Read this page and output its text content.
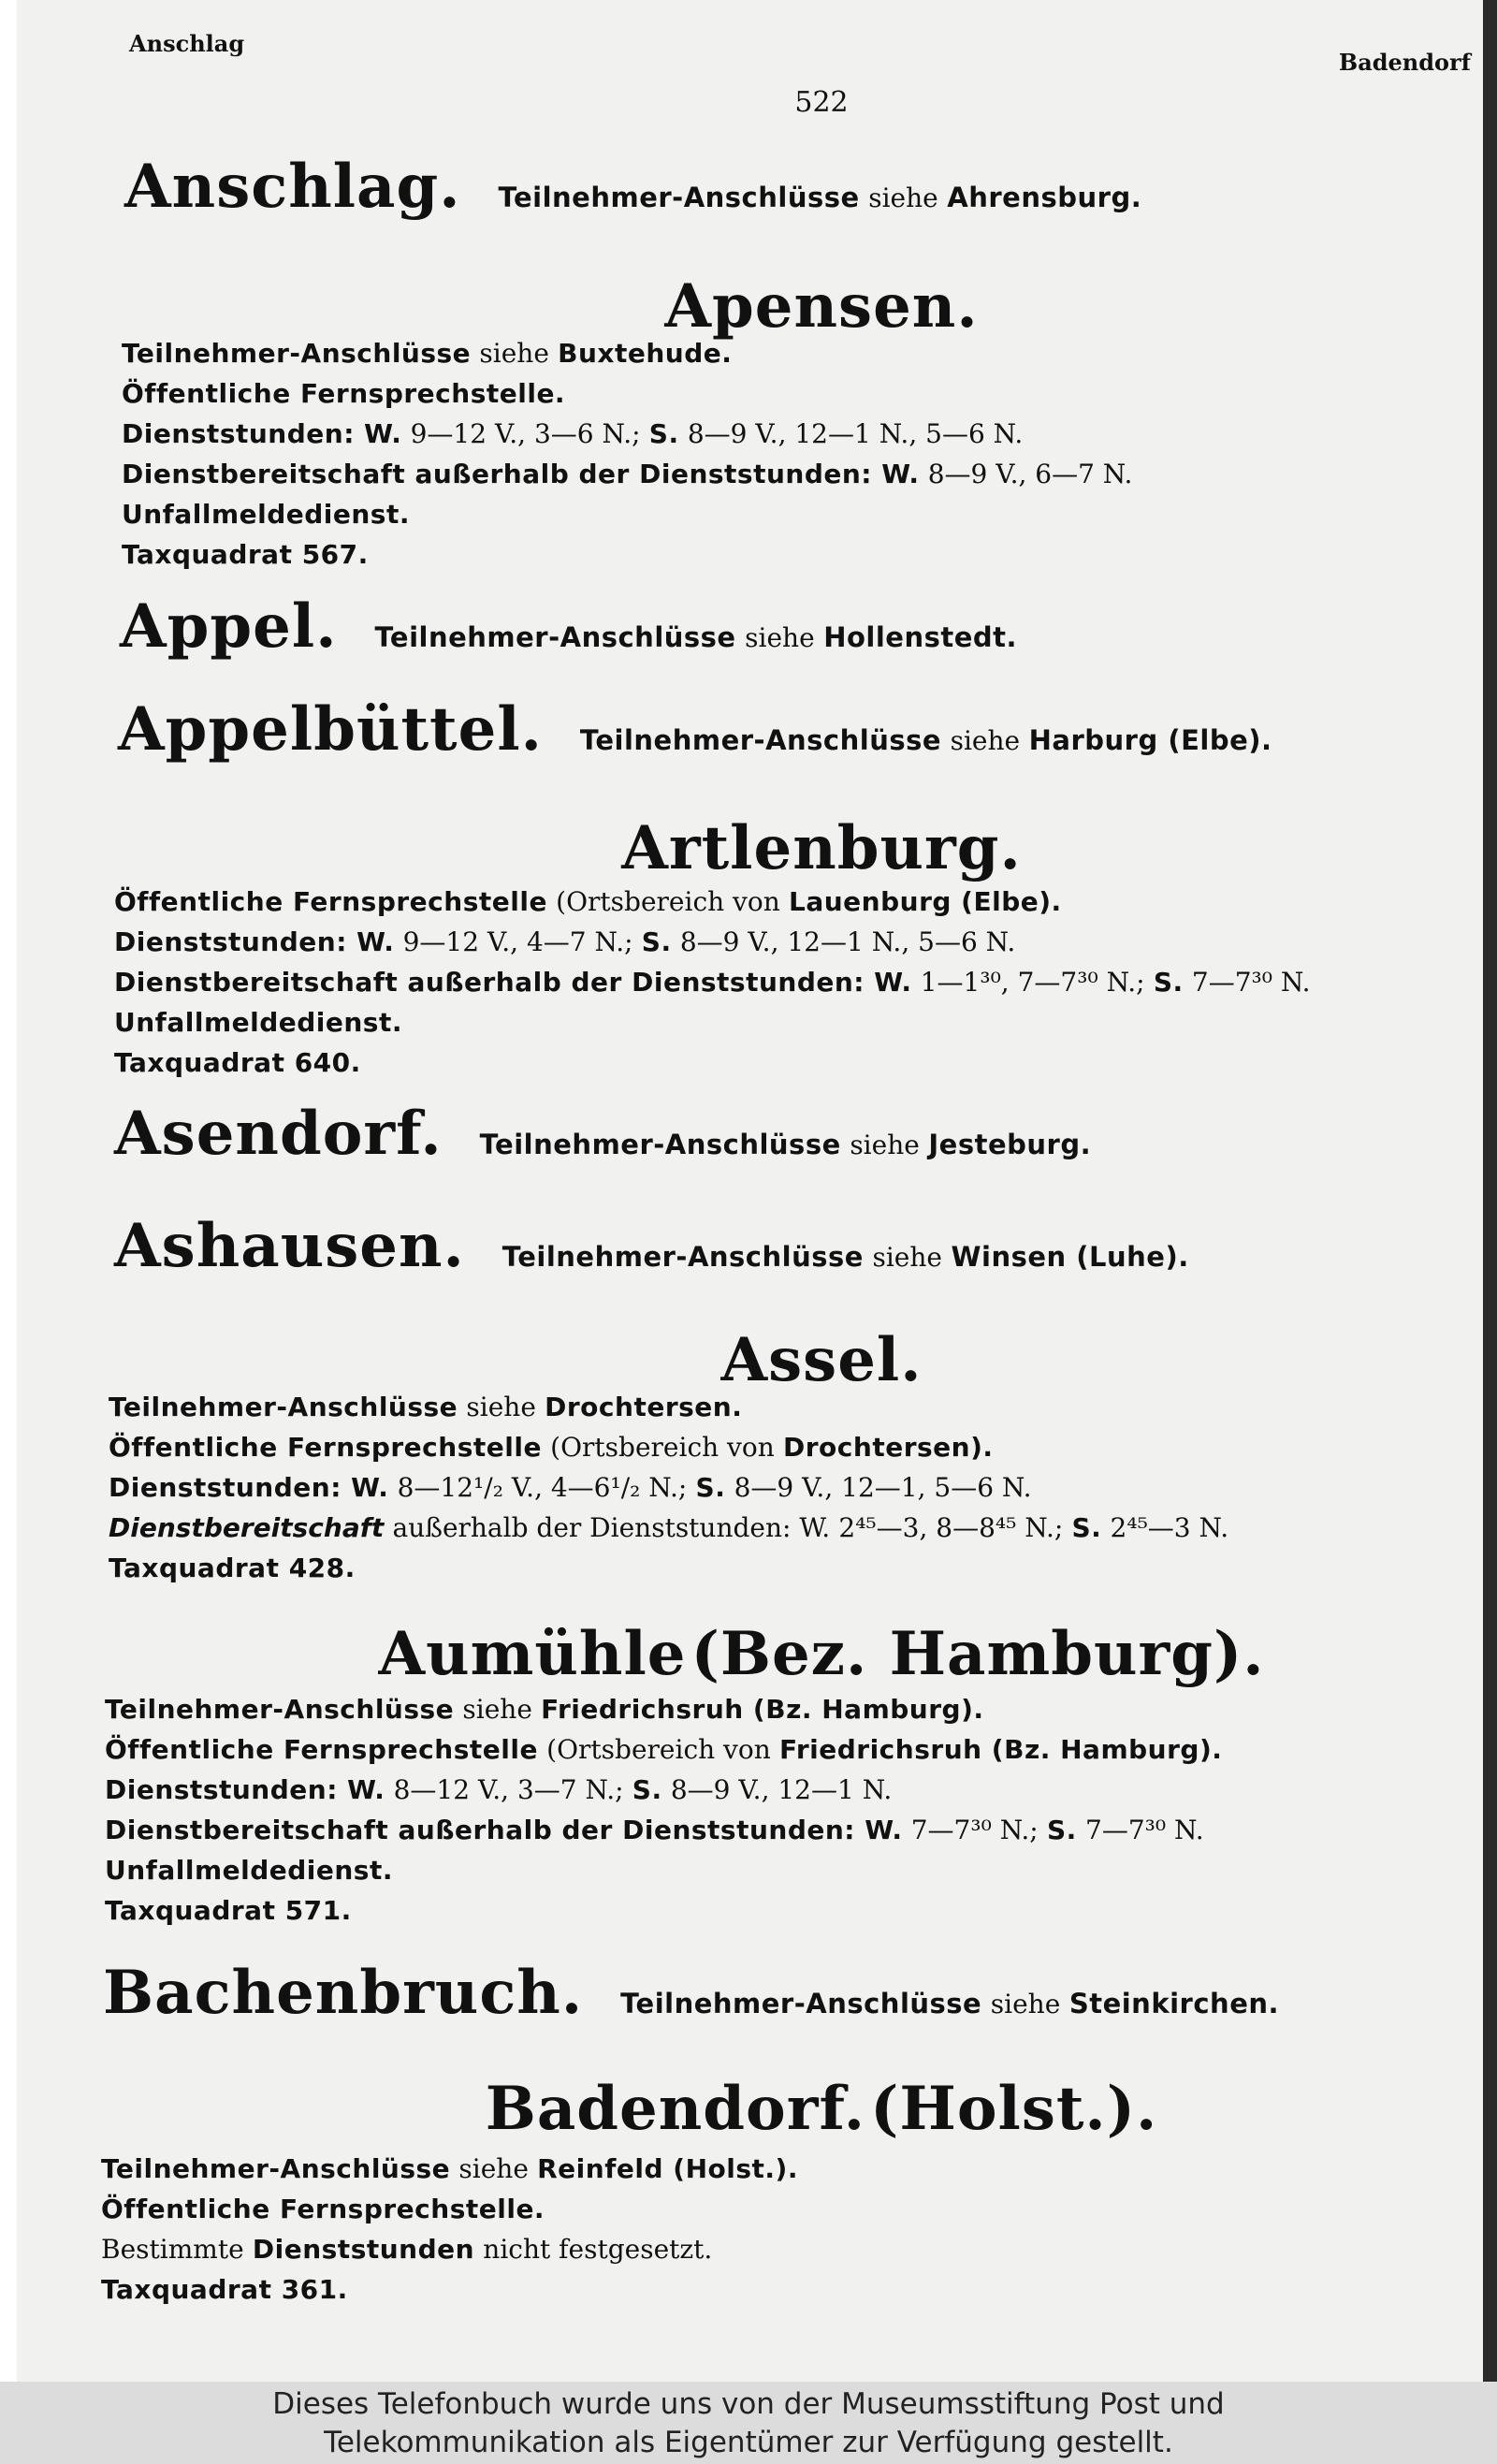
Anschlag
Badendorf
522
Anschlag. Teilnehmer-Anschlüsse siehe Ahrensburg.
Apensen.
Teilnehmer-Anschlüsse siehe Buxtehude.
Öffentliche Fernsprechstelle.
Dienststunden: W. 9—12 V., 3—6 N.; S. 8—9 V., 12—1 N., 5—6 N.
Dienstbereitschaft außerhalb der Dienststunden: W. 8—9 V., 6—7 N.
Unfallmeldedienst.
Taxquadrat 567.
Appel. Teilnehmer-Anschlüsse siehe Hollenstedt.
Appelbüttel. Teilnehmer-Anschlüsse siehe Harburg (Elbe).
Artlenburg.
Öffentliche Fernsprechstelle (Ortsbereich von Lauenburg (Elbe).
Dienststunden: W. 9—12 V., 4—7 N.; S. 8—9 V., 12—1 N., 5—6 N.
Dienstbereitschaft außerhalb der Dienststunden: W. 1—1³⁰, 7—7³⁰ N.; S. 7—7³⁰ N.
Unfallmeldedienst.
Taxquadrat 640.
Asendorf. Teilnehmer-Anschlüsse siehe Jesteburg.
Ashausen. Teilnehmer-Anschlüsse siehe Winsen (Luhe).
Assel.
Teilnehmer-Anschlüsse siehe Drochtersen.
Öffentliche Fernsprechstelle (Ortsbereich von Drochtersen).
Dienststunden: W. 8—12¹/₂ V., 4—6¹/₂ N.; S. 8—9 V., 12—1, 5—6 N.
Dienstbereitschaft außerhalb der Dienststunden: W. 2⁴⁵—3, 8—8⁴⁵ N.; S. 2⁴⁵—3 N.
Taxquadrat 428.
Aumühle (Bez. Hamburg).
Teilnehmer-Anschlüsse siehe Friedrichsruh (Bz. Hamburg).
Öffentliche Fernsprechstelle (Ortsbereich von Friedrichsruh (Bz. Hamburg).
Dienststunden: W. 8—12 V., 3—7 N.; S. 8—9 V., 12—1 N.
Dienstbereitschaft außerhalb der Dienststunden: W. 7—7³⁰ N.; S. 7—7³⁰ N.
Unfallmeldedienst.
Taxquadrat 571.
Bachenbruch. Teilnehmer-Anschlüsse siehe Steinkirchen.
Badendorf. (Holst.).
Teilnehmer-Anschlüsse siehe Reinfeld (Holst.).
Öffentliche Fernsprechstelle.
Bestimmte Dienststunden nicht festgesetzt.
Taxquadrat 361.
Dieses Telefonbuch wurde uns von der Museumsstiftung Post und
Telekommunikation als Eigentümer zur Verfügung gestellt.
